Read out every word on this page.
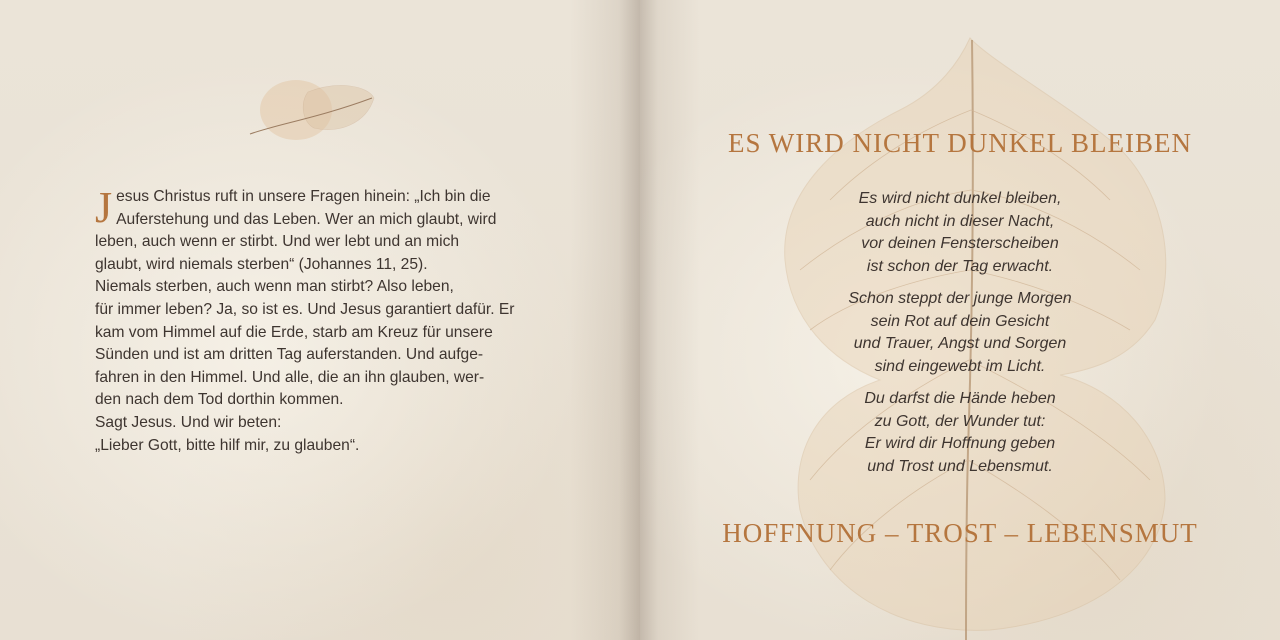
Jesus Christus ruft in unsere Fragen hinein: „Ich bin die

Auferstehung und das Leben. Wer an mich glaubt, wird

leben, auch wenn er stirbt. Und wer lebt und an mich

glaubt, wird niemals sterben“ (Johannes 11, 25).

Niemals sterben, auch wenn man stirbt? Also leben,

für immer leben? Ja, so ist es. Und Jesus garantiert dafür. Er

kam vom Himmel auf die Erde, starb am Kreuz für unsere

Sünden und ist am dritten Tag auferstanden. Und aufge-

fahren in den Himmel. Und alle, die an ihn glauben, wer-

den nach dem Tod dorthin kommen.

Sagt Jesus. Und wir beten:

„Lieber Gott, bitte hilf mir, zu glauben“.

ES WIRD NICHT DUNKEL BLEIBEN
Es wird nicht dunkel bleiben,
auch nicht in dieser Nacht,
vor deinen Fensterscheiben
ist schon der Tag erwacht.
Schon steppt der junge Morgen
sein Rot auf dein Gesicht
und Trauer, Angst und Sorgen
sind eingewebt im Licht.
Du darfst die Hände heben
zu Gott, der Wunder tut:
Er wird dir Hoffnung geben
und Trost und Lebensmut.
HOFFNUNG – TROST – LEBENSMUT
